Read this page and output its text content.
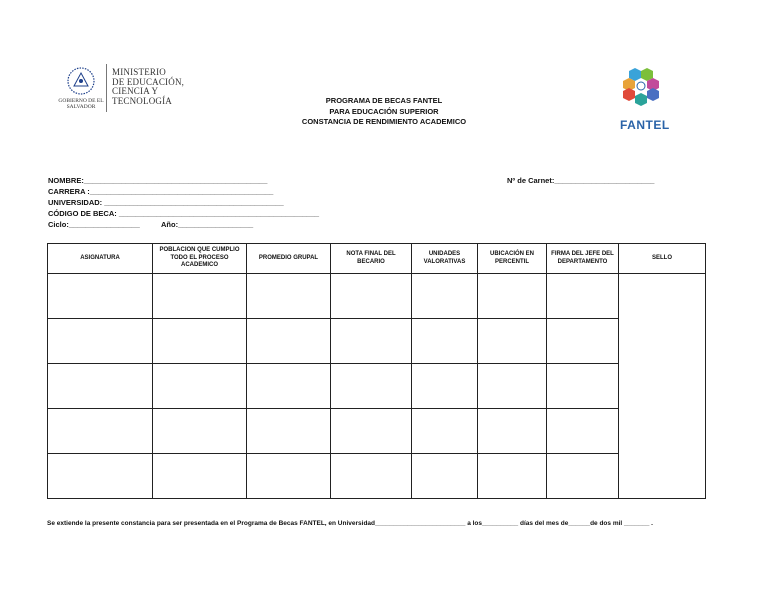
GOBIERNO DE EL SALVADOR
MINISTERIO
DE EDUCACIÓN,
CIENCIA Y
TECNOLOGÍA	PROGRAMA DE BECAS FANTEL
PARA EDUCACIÓN SUPERIOR
CONSTANCIA DE RENDIMIENTO ACADEMICO	FANTEL
NOMBRE:____________________________________________	Nº de Carnet:________________________
CARRERA :____________________________________________
UNIVERSIDAD: ___________________________________________
CÓDIGO DE BECA: ________________________________________________
Ciclo:_________________	Año:__________________
ASIGNATURA	POBLACION QUE CUMPLIO TODO EL PROCESO ACADEMICO	PROMEDIO GRUPAL	NOTA FINAL DEL BECARIO	UNIDADES VALORATIVAS	UBICACIÓN EN PERCENTIL	FIRMA DEL JEFE DEL DEPARTAMENTO	SELLO

Se extiende la presente constancia para ser presentada en el Programa de Becas FANTEL, en Universidad_________________________ a los__________ días del mes de______de dos mil _______ .
